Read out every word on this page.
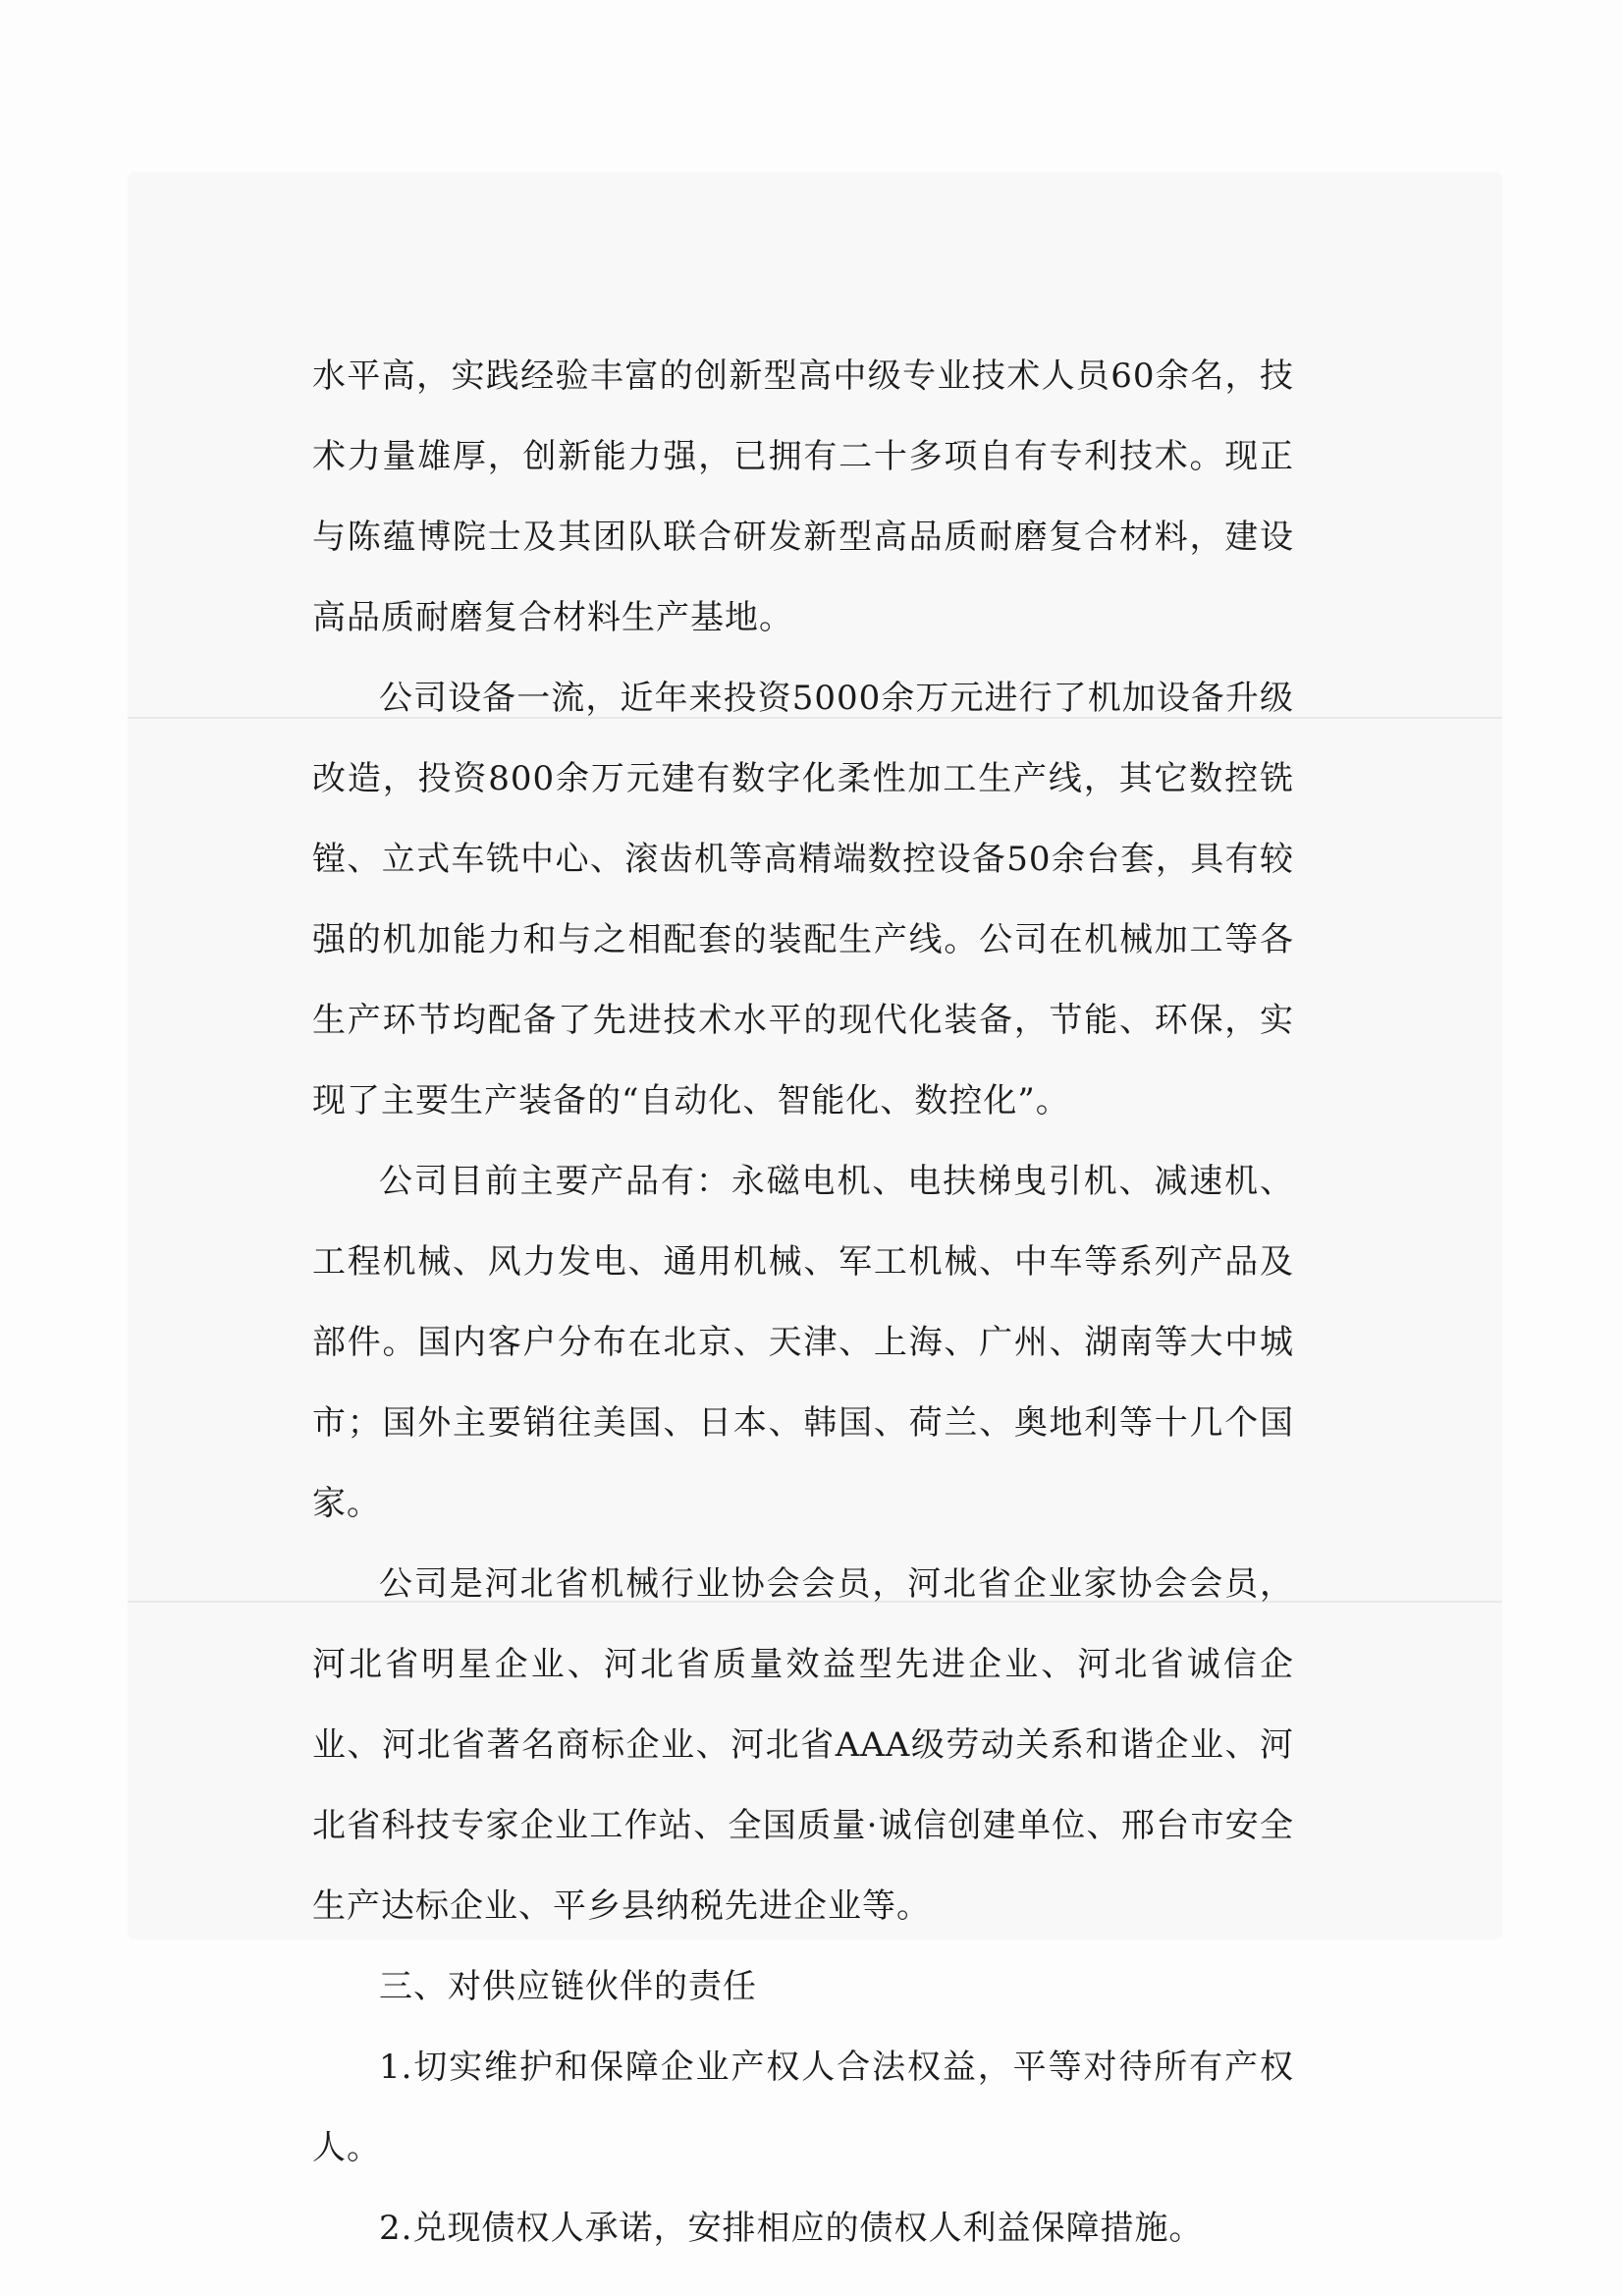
水平高，实践经验丰富的创新型高中级专业技术人员60余名，技术力量雄厚，创新能力强，已拥有二十多项自有专利技术。现正与陈蕴博院士及其团队联合研发新型高品质耐磨复合材料，建设高品质耐磨复合材料生产基地。

公司设备一流，近年来投资5000余万元进行了机加设备升级改造，投资800余万元建有数字化柔性加工生产线，其它数控铣镗、立式车铣中心、滚齿机等高精端数控设备50余台套，具有较强的机加能力和与之相配套的装配生产线。公司在机械加工等各生产环节均配备了先进技术水平的现代化装备，节能、环保，实现了主要生产装备的“自动化、智能化、数控化”。

公司目前主要产品有：永磁电机、电扶梯曳引机、减速机、工程机械、风力发电、通用机械、军工机械、中车等系列产品及部件。国内客户分布在北京、天津、上海、广州、湖南等大中城市；国外主要销往美国、日本、韩国、荷兰、奥地利等十几个国家。

公司是河北省机械行业协会会员，河北省企业家协会会员，河北省明星企业、河北省质量效益型先进企业、河北省诚信企业、河北省著名商标企业、河北省AAA级劳动关系和谐企业、河北省科技专家企业工作站、全国质量·诚信创建单位、邢台市安全生产达标企业、平乡县纳税先进企业等。

三、对供应链伙伴的责任

1.切实维护和保障企业产权人合法权益，平等对待所有产权人。

2.兑现债权人承诺，安排相应的债权人利益保障措施。
